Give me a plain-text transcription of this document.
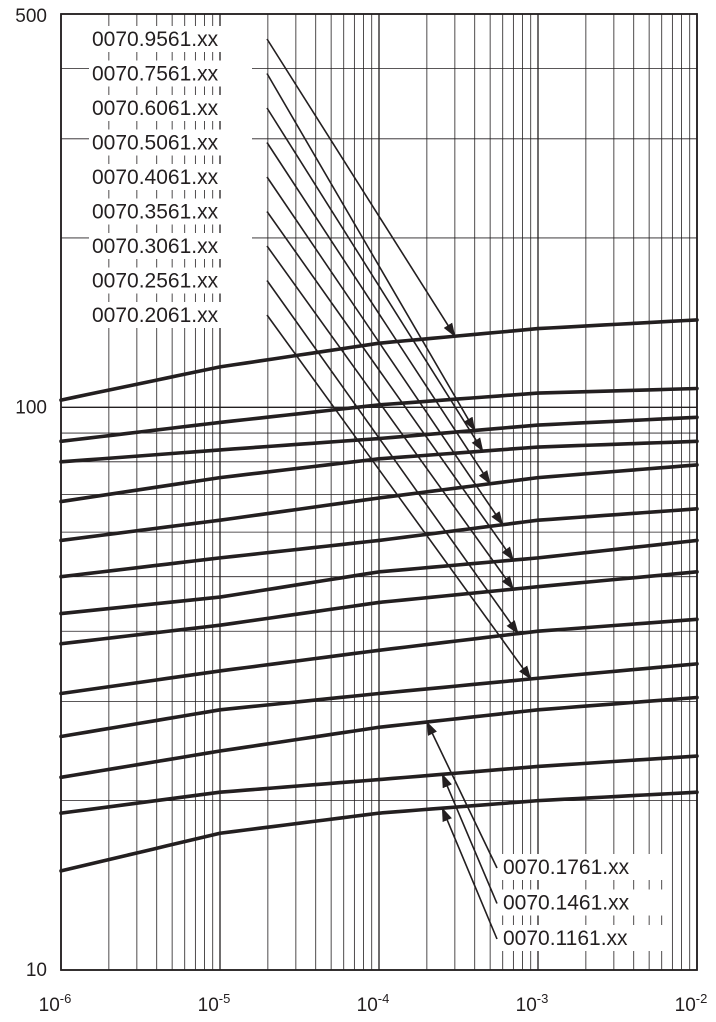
0070.9561.xx
0070.7561.xx
0070.6061.xx
0070.5061.xx
0070.4061.xx
0070.3561.xx
0070.3061.xx
0070.2561.xx
0070.2061.xx
0070.1761.xx
0070.1461.xx
0070.1161.xx
$10^{-6}$	$10^{-5}$	$10^{-4}$	$10^{-3}$	$10^{-2}$
500
100
10
